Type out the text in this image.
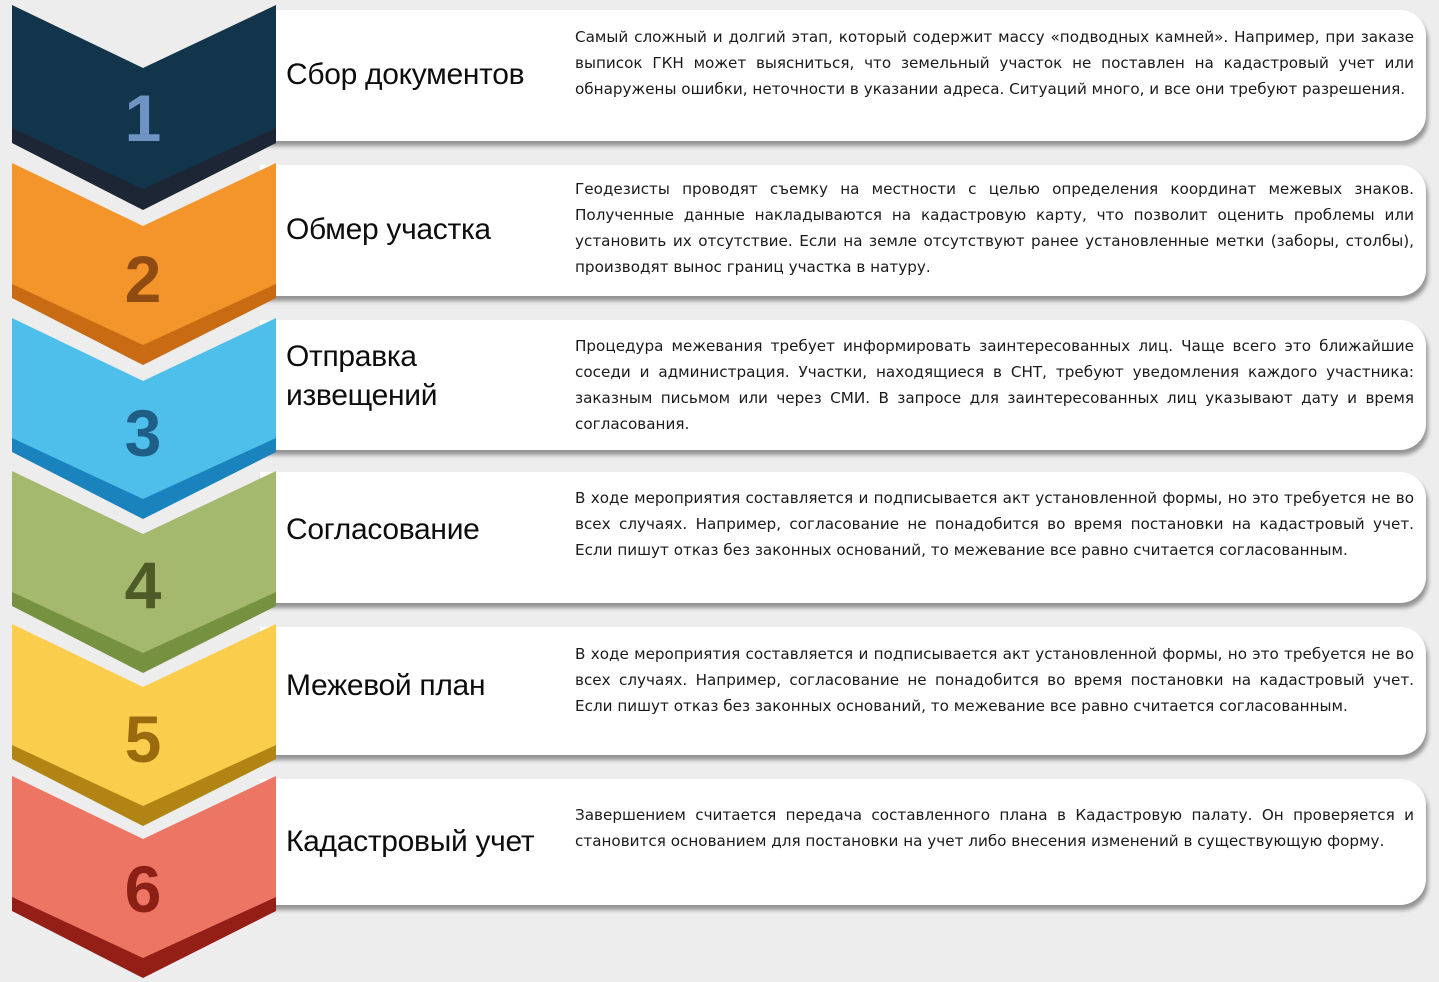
1
2
3
4
5
6
Сбор документов
Обмер участка
Отправка
извещений
Согласование
Межевой план
Кадастровый учет
Самый сложный и долгий этап, который содержит массу «подводных камней». Например, при заказе выписок ГКН может выясниться, что земельный участок не поставлен на кадастровый учет или обнаружены ошибки, неточности в указании адреса. Ситуаций много, и все они требуют разрешения.
Геодезисты проводят съемку на местности с целью определения координат межевых знаков. Полученные данные накладываются на кадастровую карту, что позволит оценить проблемы или установить их отсутствие. Если на земле отсутствуют ранее установленные метки (заборы, столбы), производят вынос границ участка в натуру.
Процедура межевания требует информировать заинтересованных лиц. Чаще всего это ближайшие соседи и администрация. Участки, находящиеся в СНТ, требуют уведомления каждого участника: заказным письмом или через СМИ. В запросе для заинтересованных лиц указывают дату и время согласования.
В ходе мероприятия составляется и подписывается акт установленной формы, но это требуется не во всех случаях. Например, согласование не понадобится во время постановки на кадастровый учет. Если пишут отказ без законных оснований, то межевание все равно считается согласованным.
В ходе мероприятия составляется и подписывается акт установленной формы, но это требуется не во всех случаях. Например, согласование не понадобится во время постановки на кадастровый учет. Если пишут отказ без законных оснований, то межевание все равно считается согласованным.
Завершением считается передача составленного плана в Кадастровую палату. Он проверяется и становится основанием для постановки на учет либо внесения изменений в существующую форму.
